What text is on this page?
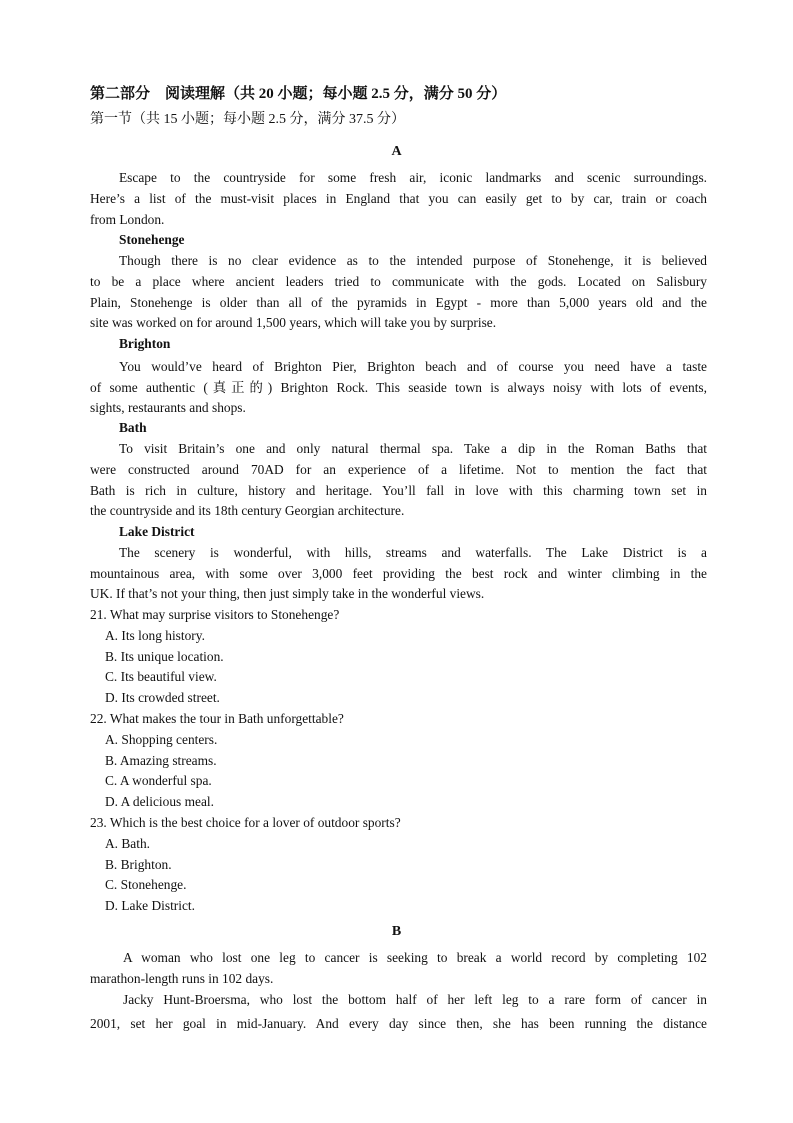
第二部分　阅读理解（共 20 小题；每小题 2.5 分，满分 50 分）
第一节（共 15 小题；每小题 2.5 分，满分 37.5 分）
A
Escape to the countryside for some fresh air, iconic landmarks and scenic surroundings.
Here’s a list of the must-visit places in England that you can easily get to by car, train or coach
from London.
Stonehenge
Though there is no clear evidence as to the intended purpose of Stonehenge, it is believed
to be a place where ancient leaders tried to communicate with the gods. Located on Salisbury
Plain, Stonehenge is older than all of the pyramids in Egypt - more than 5,000 years old and the
site was worked on for around 1,500 years, which will take you by surprise.
Brighton
You would’ve heard of Brighton Pier, Brighton beach and of course you need have a taste
of some authentic (真正的) Brighton Rock. This seaside town is always noisy with lots of events,
sights, restaurants and shops.
Bath
To visit Britain’s one and only natural thermal spa. Take a dip in the Roman Baths that
were constructed around 70AD for an experience of a lifetime. Not to mention the fact that
Bath is rich in culture, history and heritage. You’ll fall in love with this charming town set in
the countryside and its 18th century Georgian architecture.
Lake District
The scenery is wonderful, with hills, streams and waterfalls. The Lake District is a
mountainous area, with some over 3,000 feet providing the best rock and winter climbing in the
UK. If that’s not your thing, then just simply take in the wonderful views.
21. What may surprise visitors to Stonehenge?
A. Its long history.
B. Its unique location.
C. Its beautiful view.
D. Its crowded street.
22. What makes the tour in Bath unforgettable?
A. Shopping centers.
B. Amazing streams.
C. A wonderful spa.
D. A delicious meal.
23. Which is the best choice for a lover of outdoor sports?
A. Bath.
B. Brighton.
C. Stonehenge.
D. Lake District.
B
A woman who lost one leg to cancer is seeking to break a world record by completing 102
marathon-length runs in 102 days.
Jacky Hunt-Broersma, who lost the bottom half of her left leg to a rare form of cancer in
2001, set her goal in mid-January. And every day since then, she has been running the distance
